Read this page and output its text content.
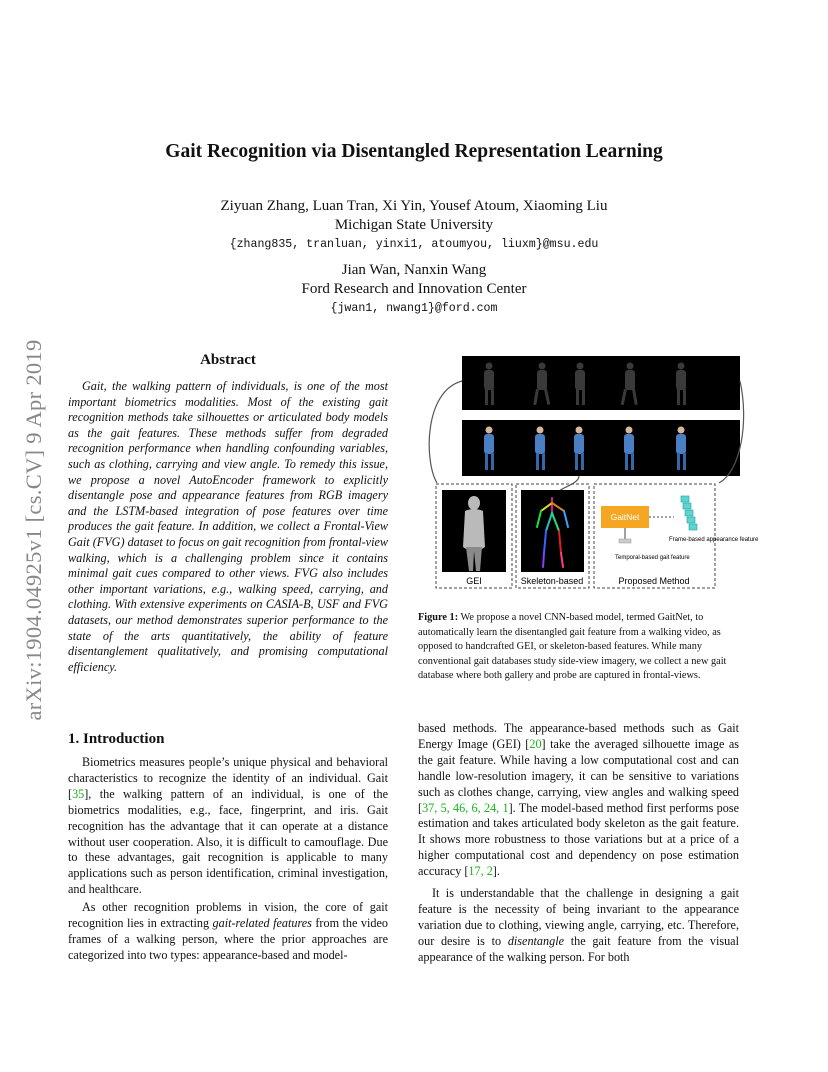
arXiv:1904.04925v1 [cs.CV] 9 Apr 2019
Gait Recognition via Disentangled Representation Learning
Ziyuan Zhang, Luan Tran, Xi Yin, Yousef Atoum, Xiaoming Liu
Michigan State University
{zhang835, tranluan, yinxi1, atoumyou, liuxm}@msu.edu
Jian Wan, Nanxin Wang
Ford Research and Innovation Center
{jwan1, nwang1}@ford.com
Abstract
Gait, the walking pattern of individuals, is one of the most important biometrics modalities. Most of the existing gait recognition methods take silhouettes or articulated body models as the gait features. These methods suffer from degraded recognition performance when handling confounding variables, such as clothing, carrying and view angle. To remedy this issue, we propose a novel AutoEncoder framework to explicitly disentangle pose and appearance features from RGB imagery and the LSTM-based integration of pose features over time produces the gait feature. In addition, we collect a Frontal-View Gait (FVG) dataset to focus on gait recognition from frontal-view walking, which is a challenging problem since it contains minimal gait cues compared to other views. FVG also includes other important variations, e.g., walking speed, carrying, and clothing. With extensive experiments on CASIA-B, USF and FVG datasets, our method demonstrates superior performance to the state of the arts quantitatively, the ability of feature disentanglement qualitatively, and promising computational efficiency.
1. Introduction

Biometrics measures people’s unique physical and behavioral characteristics to recognize the identity of an individual. Gait [35], the walking pattern of an individual, is one of the biometrics modalities, e.g., face, fingerprint, and iris. Gait recognition has the advantage that it can operate at a distance without user cooperation. Also, it is difficult to camouflage. Due to these advantages, gait recognition is applicable to many applications such as person identification, criminal investigation, and healthcare.

As other recognition problems in vision, the core of gait recognition lies in extracting gait-related features from the video frames of a walking person, where the prior approaches are categorized into two types: appearance-based and model-

based methods. The appearance-based methods such as Gait Energy Image (GEI) [20] take the averaged silhouette image as the gait feature. While having a low computational cost and can handle low-resolution imagery, it can be sensitive to variations such as clothes change, carrying, view angles and walking speed [37, 5, 46, 6, 24, 1]. The model-based method first performs pose estimation and takes articulated body skeleton as the gait feature. It shows more robustness to those variations but at a price of a higher computational cost and dependency on pose estimation accuracy [17, 2].

It is understandable that the challenge in designing a gait feature is the necessity of being invariant to the appearance variation due to clothing, viewing angle, carrying, etc. Therefore, our desire is to disentangle the gait feature from the visual appearance of the walking person. For both

GaitNet
Frame-based appearance feature
Temporal-based gait feature
GEI	Skeleton-based	Proposed Method
Figure 1: We propose a novel CNN-based model, termed GaitNet, to automatically learn the disentangled gait feature from a walking video, as opposed to handcrafted GEI, or skeleton-based features. While many conventional gait databases study side-view imagery, we collect a new gait database where both gallery and probe are captured in frontal-views.
